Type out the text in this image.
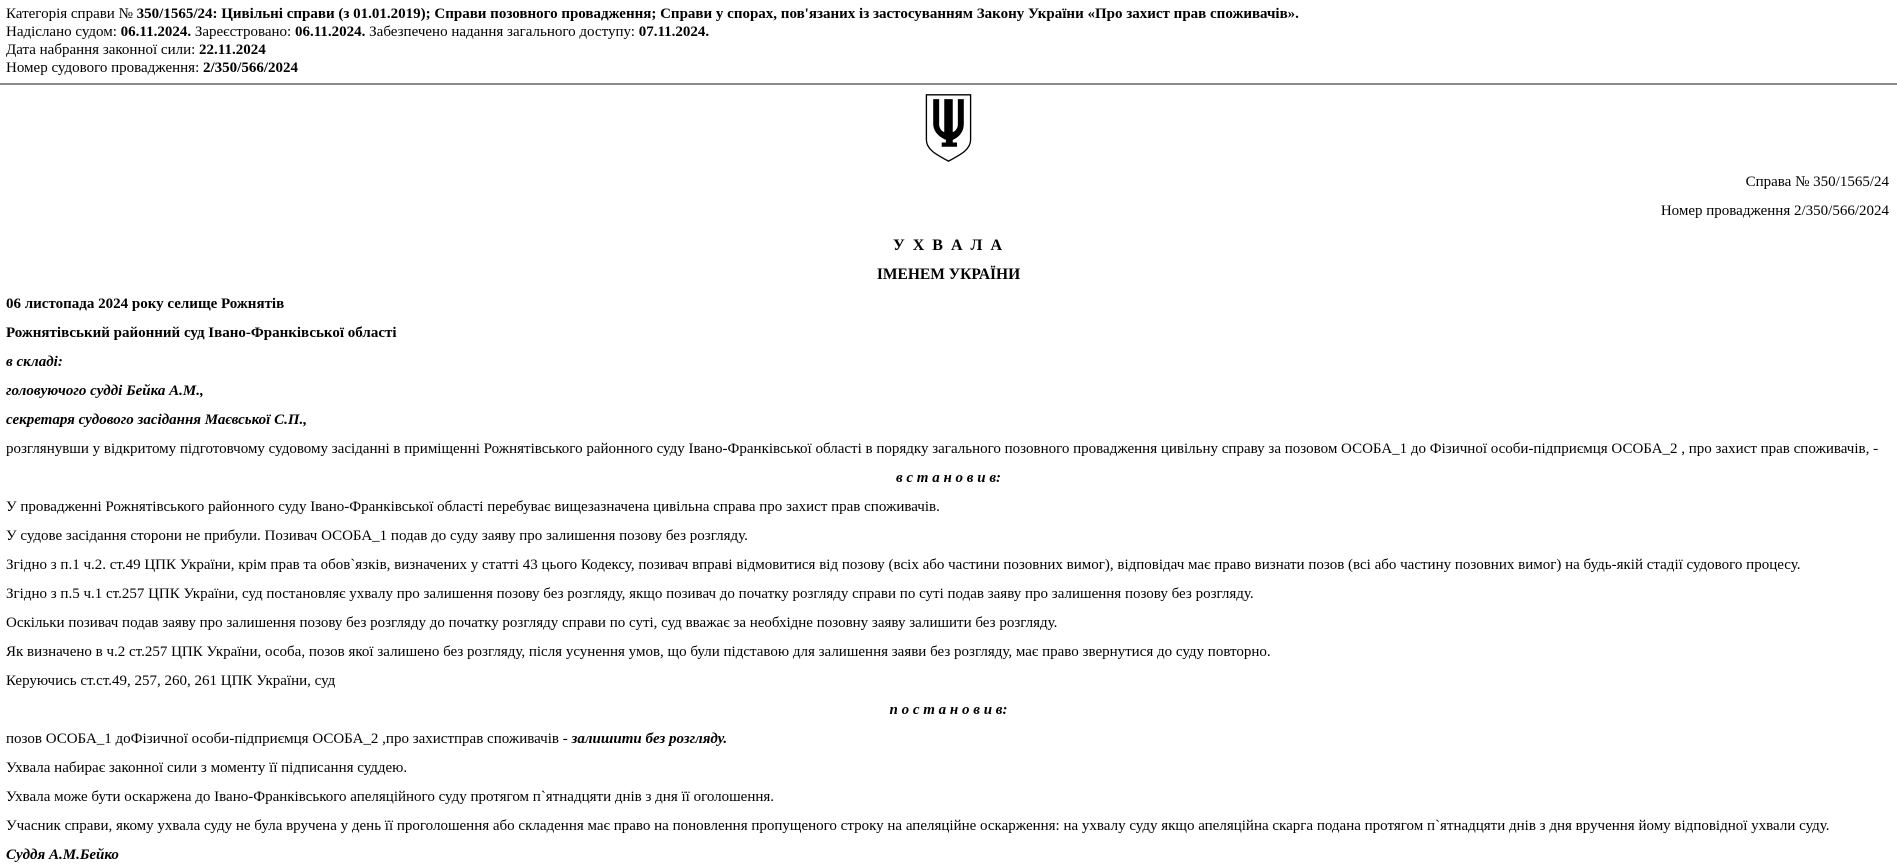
Категорія справи № 350/1565/24: Цивільні справи (з 01.01.2019); Справи позовного провадження; Справи у спорах, пов'язаних із застосуванням Закону України «Про захист прав споживачів».
Надіслано судом: 06.11.2024. Зареєстровано: 06.11.2024. Забезпечено надання загального доступу: 07.11.2024.
Дата набрання законної сили: 22.11.2024
Номер судового провадження: 2/350/566/2024
Справа № 350/1565/24
Номер провадження 2/350/566/2024
У Х В А Л А
ІМЕНЕМ УКРАЇНИ
06 листопада 2024 року селище Рожнятів
Рожнятівський районний суд Івано-Франківської області
в складі:
головуючого судді Бейка А.М.,
секретаря судового засідання Маєвської С.П.,
розглянувши у відкритому підготовчому судовому засіданні в приміщенні Рожнятівського районного суду Івано-Франківської області в порядку загального позовного провадження цивільну справу за позовом ОСОБА_1 до Фізичної особи-підприємця ОСОБА_2 , про захист прав споживачів, -
в с т а н о в и в:
У провадженні Рожнятівського районного суду Івано-Франківської області перебуває вищезазначена цивільна справа про захист прав споживачів.
У судове засідання сторони не прибули. Позивач ОСОБА_1 подав до суду заяву про залишення позову без розгляду.
Згідно з п.1 ч.2. ст.49 ЦПК України, крім прав та обов`язків, визначених у статті 43 цього Кодексу, позивач вправі відмовитися від позову (всіх або частини позовних вимог), відповідач має право визнати позов (всі або частину позовних вимог) на будь-якій стадії судового процесу.
Згідно з п.5 ч.1 ст.257 ЦПК України, суд постановляє ухвалу про залишення позову без розгляду, якщо позивач до початку розгляду справи по суті подав заяву про залишення позову без розгляду.
Оскільки позивач подав заяву про залишення позову без розгляду до початку розгляду справи по суті, суд вважає за необхідне позовну заяву залишити без розгляду.
Як визначено в ч.2 ст.257 ЦПК України, особа, позов якої залишено без розгляду, після усунення умов, що були підставою для залишення заяви без розгляду, має право звернутися до суду повторно.
Керуючись ст.ст.49, 257, 260, 261 ЦПК України, суд
п о с т а н о в и в:
позов ОСОБА_1 доФізичної особи-підприємця ОСОБА_2 ,про захистправ споживачів - залишити без розгляду.
Ухвала набирає законної сили з моменту її підписання суддею.
Ухвала може бути оскаржена до Івано-Франківського апеляційного суду протягом п`ятнадцяти днів з дня її оголошення.
Учасник справи, якому ухвала суду не була вручена у день її проголошення або складення має право на поновлення пропущеного строку на апеляційне оскарження: на ухвалу суду якщо апеляційна скарга подана протягом п`ятнадцяти днів з дня вручення йому відповідної ухвали суду.
Суддя А.М.Бейко
